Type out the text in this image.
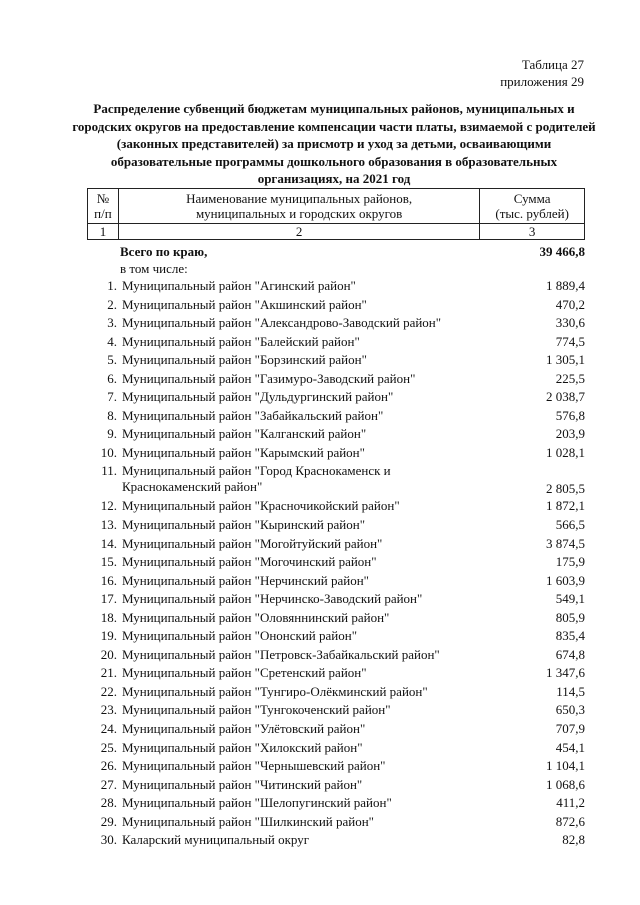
Таблица 27
приложения 29
Распределение субвенций бюджетам муниципальных районов, муниципальных и городских округов на предоставление компенсации части платы, взимаемой с родителей (законных представителей) за присмотр и уход за детьми, осваивающими образовательные программы дошкольного образования в образовательных организациях, на 2021 год
№
п/п	Наименование муниципальных районов,
муниципальных и городских округов	Сумма
(тыс. рублей)
1	2	3
Всего по краю,	39 466,8
в том числе:
1. Муниципальный район "Агинский район"	1 889,4
2. Муниципальный район "Акшинский район"	470,2
3. Муниципальный район "Александрово-Заводский район"	330,6
4. Муниципальный район "Балейский район"	774,5
5. Муниципальный район "Борзинский район"	1 305,1
6. Муниципальный район "Газимуро-Заводский район"	225,5
7. Муниципальный район "Дульдургинский район"	2 038,7
8. Муниципальный район "Забайкальский район"	576,8
9. Муниципальный район "Калганский район"	203,9
10. Муниципальный район "Карымский район"	1 028,1
11. Муниципальный район "Город Краснокаменск и Краснокаменский район"	2 805,5
12. Муниципальный район "Красночикойский район"	1 872,1
13. Муниципальный район "Кыринский район"	566,5
14. Муниципальный район "Могойтуйский район"	3 874,5
15. Муниципальный район "Могочинский район"	175,9
16. Муниципальный район "Нерчинский район"	1 603,9
17. Муниципальный район "Нерчинско-Заводский район"	549,1
18. Муниципальный район "Оловяннинский район"	805,9
19. Муниципальный район "Ононский район"	835,4
20. Муниципальный район "Петровск-Забайкальский район"	674,8
21. Муниципальный район "Сретенский район"	1 347,6
22. Муниципальный район "Тунгиро-Олёкминский район"	114,5
23. Муниципальный район "Тунгокоченский район"	650,3
24. Муниципальный район "Улётовский район"	707,9
25. Муниципальный район "Хилокский район"	454,1
26. Муниципальный район "Чернышевский район"	1 104,1
27. Муниципальный район "Читинский район"	1 068,6
28. Муниципальный район "Шелопугинский район"	411,2
29. Муниципальный район "Шилкинский район"	872,6
30. Каларский муниципальный округ	82,8
